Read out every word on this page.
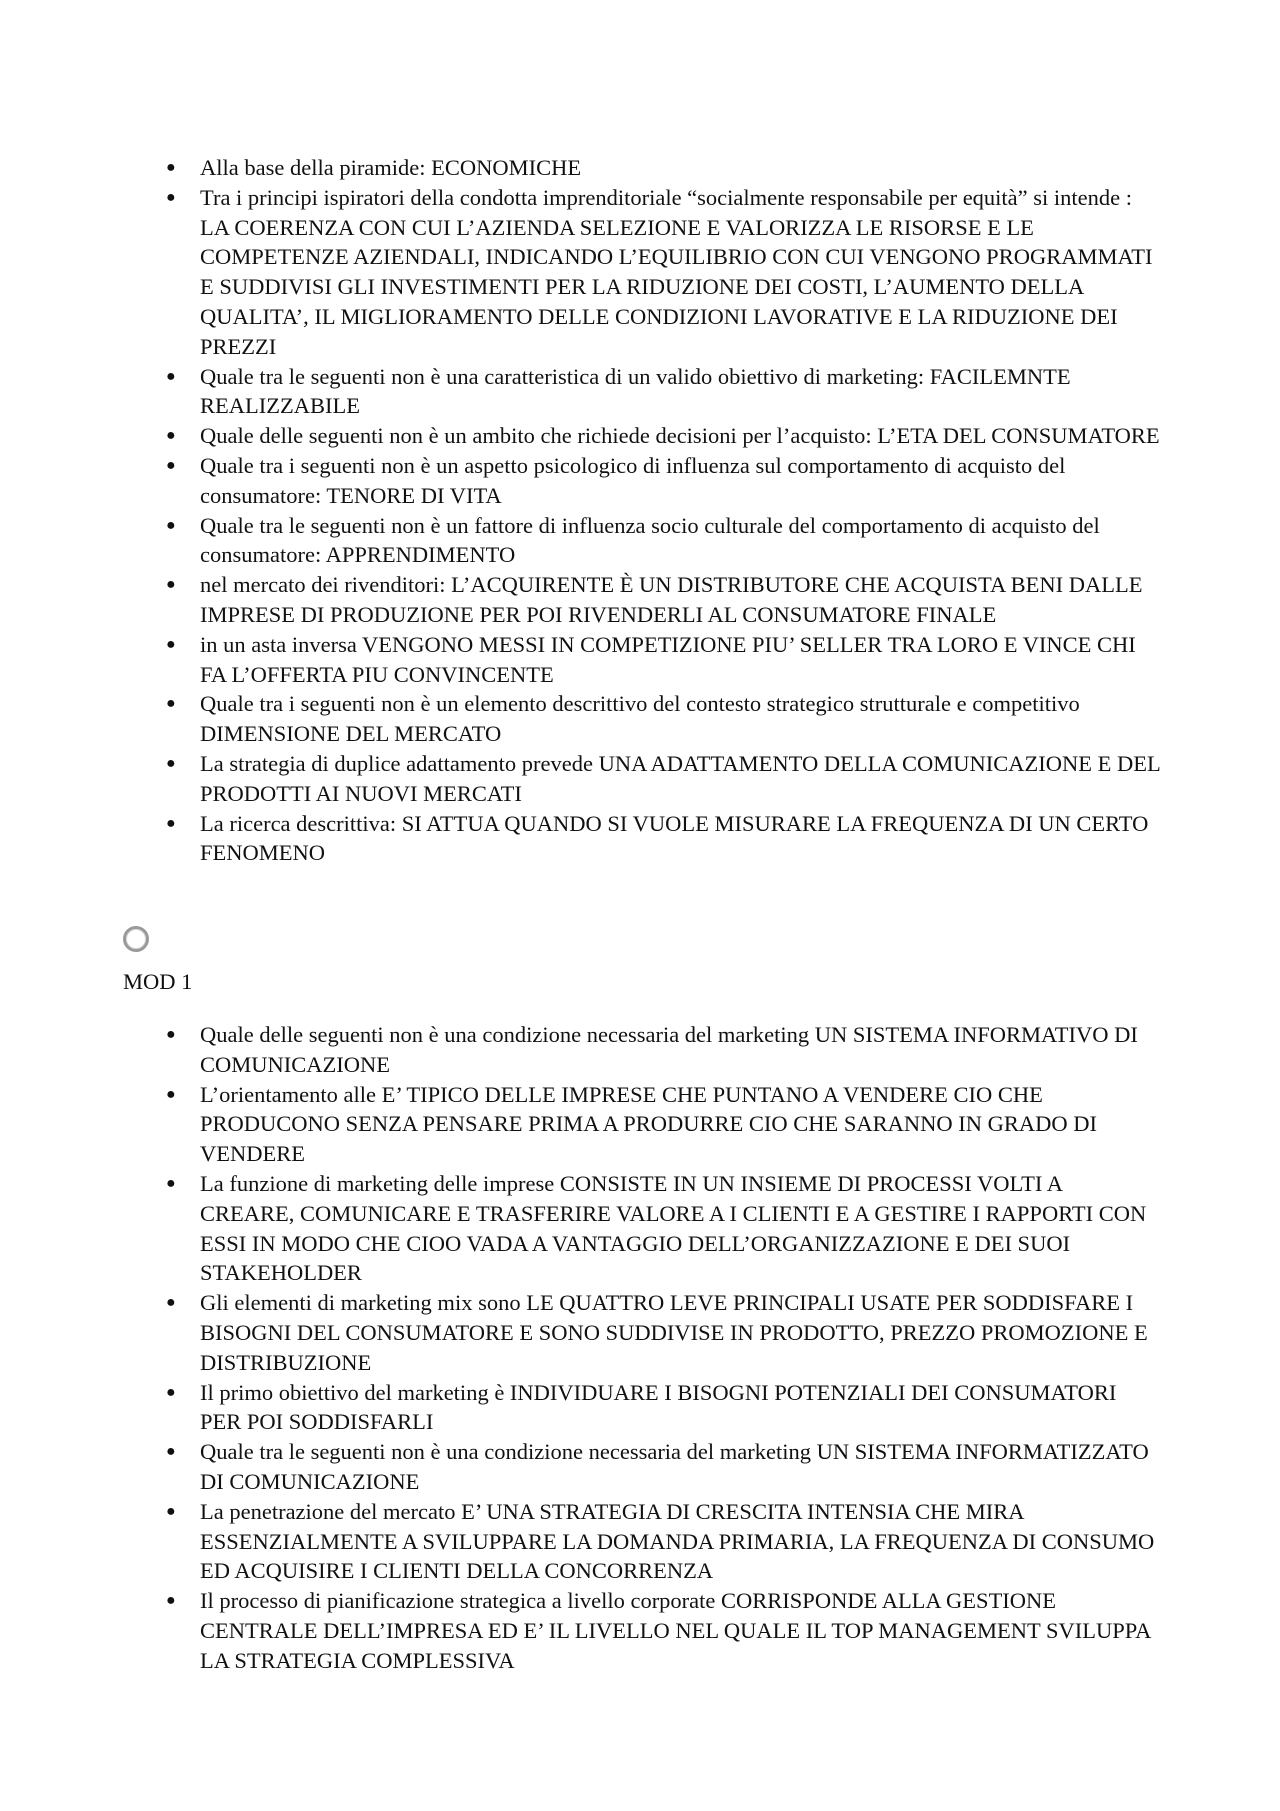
● Alla base della piramide: ECONOMICHE
● Tra i principi ispiratori della condotta imprenditoriale “socialmente responsabile per equità” si intende : LA COERENZA CON CUI L’AZIENDA SELEZIONE E VALORIZZA LE RISORSE E LE COMPETENZE AZIENDALI, INDICANDO L’EQUILIBRIO CON CUI VENGONO PROGRAMMATI E SUDDIVISI GLI INVESTIMENTI PER LA RIDUZIONE DEI COSTI, L’AUMENTO DELLA QUALITA’, IL MIGLIORAMENTO DELLE CONDIZIONI LAVORATIVE E LA RIDUZIONE DEI PREZZI
● Quale tra le seguenti non è una caratteristica di un valido obiettivo di marketing: FACILEMNTE REALIZZABILE
● Quale delle seguenti non è un ambito che richiede decisioni per l’acquisto: L’ETA DEL CONSUMATORE
● Quale tra i seguenti non è un aspetto psicologico di influenza sul comportamento di acquisto del consumatore: TENORE DI VITA
● Quale tra le seguenti non è un fattore di influenza socio culturale del comportamento di acquisto del consumatore: APPRENDIMENTO
● nel mercato dei rivenditori: L’ACQUIRENTE È UN DISTRIBUTORE CHE ACQUISTA BENI DALLE IMPRESE DI PRODUZIONE PER POI RIVENDERLI AL CONSUMATORE FINALE
● in un asta inversa VENGONO MESSI IN COMPETIZIONE PIU’ SELLER TRA LORO E VINCE CHI FA L’OFFERTA PIU CONVINCENTE
● Quale tra i seguenti non è un elemento descrittivo del contesto strategico strutturale e competitivo DIMENSIONE DEL MERCATO
● La strategia di duplice adattamento prevede UNA ADATTAMENTO DELLA COMUNICAZIONE E DEL PRODOTTI AI NUOVI MERCATI
● La ricerca descrittiva: SI ATTUA QUANDO SI VUOLE MISURARE LA FREQUENZA DI UN CERTO FENOMENO
MOD 1
● Quale delle seguenti non è una condizione necessaria del marketing UN SISTEMA INFORMATIVO DI COMUNICAZIONE
● L’orientamento alle E’ TIPICO DELLE IMPRESE CHE PUNTANO A VENDERE CIO CHE PRODUCONO SENZA PENSARE PRIMA A PRODURRE CIO CHE SARANNO IN GRADO DI VENDERE
● La funzione di marketing delle imprese CONSISTE IN UN INSIEME DI PROCESSI VOLTI A CREARE, COMUNICARE E TRASFERIRE VALORE A I CLIENTI E A GESTIRE I RAPPORTI CON ESSI IN MODO CHE CIOO VADA A VANTAGGIO DELL’ORGANIZZAZIONE E DEI SUOI STAKEHOLDER
● Gli elementi di marketing mix sono LE QUATTRO LEVE PRINCIPALI USATE PER SODDISFARE I BISOGNI DEL CONSUMATORE E SONO SUDDIVISE IN PRODOTTO, PREZZO PROMOZIONE E DISTRIBUZIONE
● Il primo obiettivo del marketing è INDIVIDUARE I BISOGNI POTENZIALI DEI CONSUMATORI PER POI SODDISFARLI
● Quale tra le seguenti non è una condizione necessaria del marketing UN SISTEMA INFORMATIZZATO DI COMUNICAZIONE
● La penetrazione del mercato E’ UNA STRATEGIA DI CRESCITA INTENSIA CHE MIRA ESSENZIALMENTE A SVILUPPARE LA DOMANDA PRIMARIA, LA FREQUENZA DI CONSUMO ED ACQUISIRE I CLIENTI DELLA CONCORRENZA
● Il processo di pianificazione strategica a livello corporate CORRISPONDE ALLA GESTIONE CENTRALE DELL’IMPRESA ED E’ IL LIVELLO NEL QUALE IL TOP MANAGEMENT SVILUPPA LA STRATEGIA COMPLESSIVA
